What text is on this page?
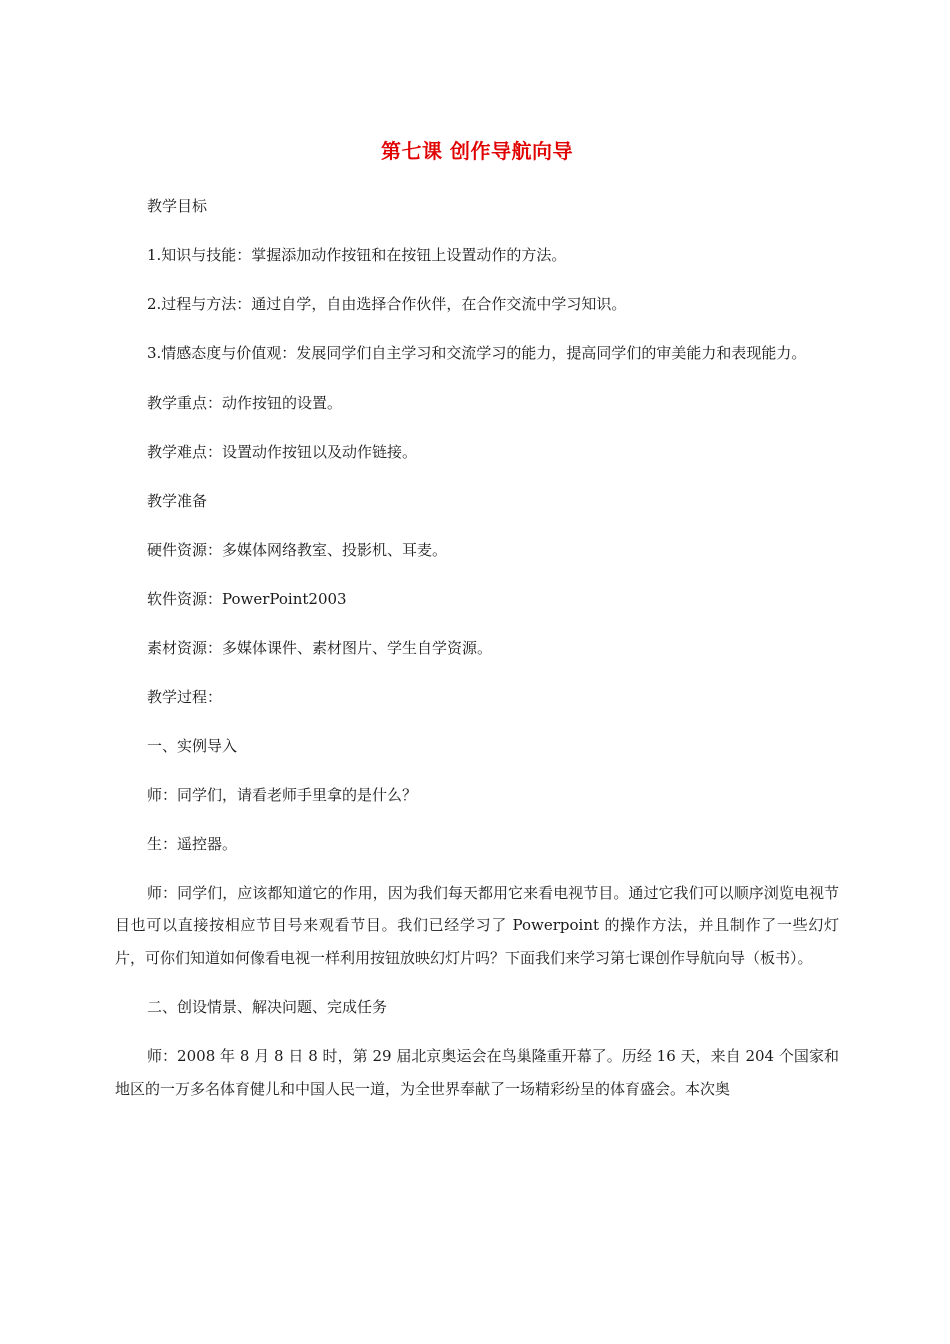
第七课 创作导航向导

教学目标

1.知识与技能：掌握添加动作按钮和在按钮上设置动作的方法。

2.过程与方法：通过自学，自由选择合作伙伴，在合作交流中学习知识。

3.情感态度与价值观：发展同学们自主学习和交流学习的能力，提高同学们的审美能力和表现能力。

教学重点：动作按钮的设置。

教学难点：设置动作按钮以及动作链接。

教学准备

硬件资源：多媒体网络教室、投影机、耳麦。

软件资源：PowerPoint2003

素材资源：多媒体课件、素材图片、学生自学资源。

教学过程：

一、实例导入

师：同学们，请看老师手里拿的是什么？

生：遥控器。

师：同学们，应该都知道它的作用，因为我们每天都用它来看电视节目。通过它我们可以顺序浏览电视节目也可以直接按相应节目号来观看节目。我们已经学习了 Powerpoint 的操作方法，并且制作了一些幻灯片，可你们知道如何像看电视一样利用按钮放映幻灯片吗？下面我们来学习第七课创作导航向导（板书）。

二、创设情景、解决问题、完成任务

师：2008 年 8 月 8 日 8 时，第 29 届北京奥运会在鸟巢隆重开幕了。历经 16 天，来自 204 个国家和地区的一万多名体育健儿和中国人民一道，为全世界奉献了一场精彩纷呈的体育盛会。本次奥
